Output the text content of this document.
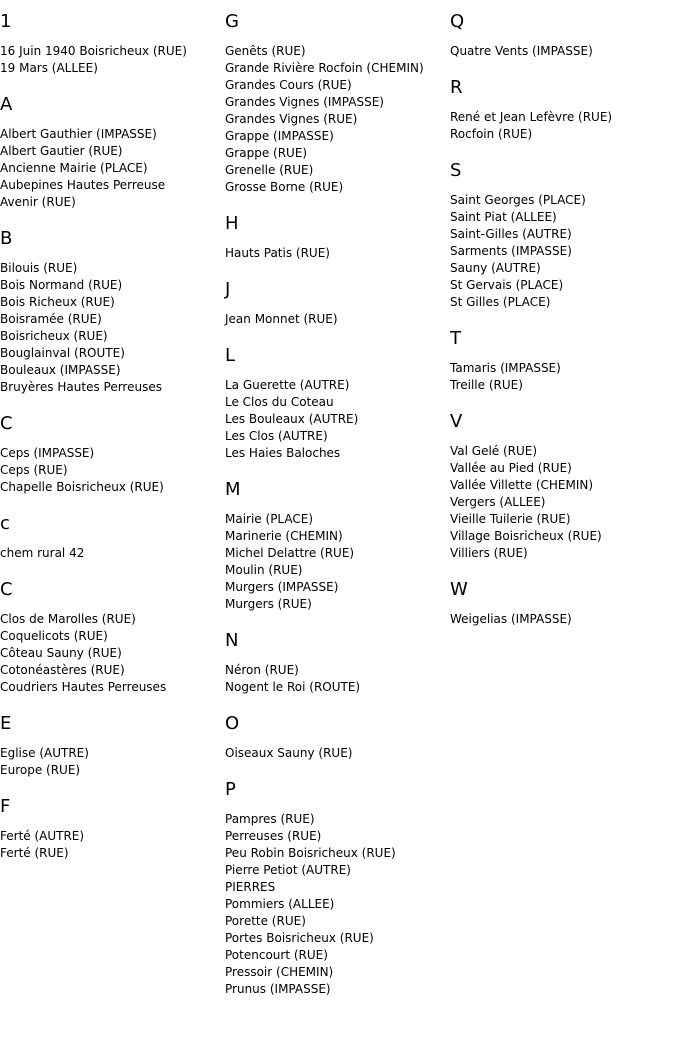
1
16 Juin 1940 Boisricheux (RUE)
19 Mars (ALLEE)
A
Albert Gauthier (IMPASSE)
Albert Gautier (RUE)
Ancienne Mairie (PLACE)
Aubepines Hautes Perreuse
Avenir (RUE)
B
Bilouis (RUE)
Bois Normand (RUE)
Bois Richeux (RUE)
Boisramée (RUE)
Boisricheux (RUE)
Bouglainval (ROUTE)
Bouleaux (IMPASSE)
Bruyères Hautes Perreuses
C
Ceps (IMPASSE)
Ceps (RUE)
Chapelle Boisricheux (RUE)
c
chem rural 42
C
Clos de Marolles (RUE)
Coquelicots (RUE)
Côteau Sauny (RUE)
Cotonéastères (RUE)
Coudriers Hautes Perreuses
E
Eglise (AUTRE)
Europe (RUE)
F
Ferté (AUTRE)
Ferté (RUE)
G
Genêts (RUE)
Grande Rivière Rocfoin (CHEMIN)
Grandes Cours (RUE)
Grandes Vignes (IMPASSE)
Grandes Vignes (RUE)
Grappe (IMPASSE)
Grappe (RUE)
Grenelle (RUE)
Grosse Borne (RUE)
H
Hauts Patis (RUE)
J
Jean Monnet (RUE)
L
La Guerette (AUTRE)
Le Clos du Coteau
Les Bouleaux (AUTRE)
Les Clos (AUTRE)
Les Haies Baloches
M
Mairie (PLACE)
Marinerie (CHEMIN)
Michel Delattre (RUE)
Moulin (RUE)
Murgers (IMPASSE)
Murgers (RUE)
N
Néron (RUE)
Nogent le Roi (ROUTE)
O
Oiseaux Sauny (RUE)
P
Pampres (RUE)
Perreuses (RUE)
Peu Robin Boisricheux (RUE)
Pierre Petiot (AUTRE)
PIERRES
Pommiers (ALLEE)
Porette (RUE)
Portes Boisricheux (RUE)
Potencourt (RUE)
Pressoir (CHEMIN)
Prunus (IMPASSE)
Q
Quatre Vents (IMPASSE)
R
René et Jean Lefèvre (RUE)
Rocfoin (RUE)
S
Saint Georges (PLACE)
Saint Piat (ALLEE)
Saint-Gilles (AUTRE)
Sarments (IMPASSE)
Sauny (AUTRE)
St Gervais (PLACE)
St Gilles (PLACE)
T
Tamaris (IMPASSE)
Treille (RUE)
V
Val Gelé (RUE)
Vallée au Pied (RUE)
Vallée Villette (CHEMIN)
Vergers (ALLEE)
Vieille Tuilerie (RUE)
Village Boisricheux (RUE)
Villiers (RUE)
W
Weigelias (IMPASSE)
